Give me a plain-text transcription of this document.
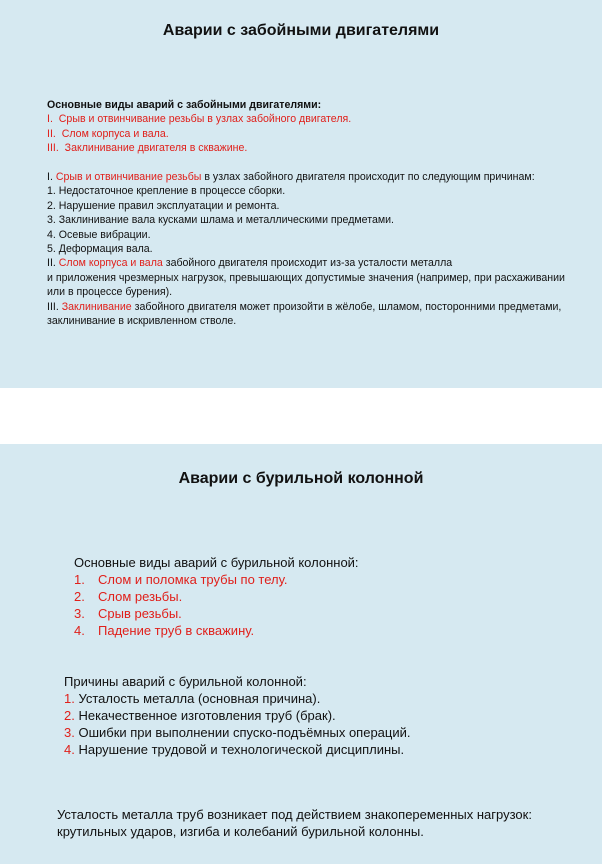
Аварии с забойными двигателями
Основные виды аварий с забойными двигателями:
I. Срыв и отвинчивание резьбы в узлах забойного двигателя.
II. Слом корпуса и вала.
III. Заклинивание двигателя в скважине.
I. Срыв и отвинчивание резьбы в узлах забойного двигателя происходит по следующим причинам:
1. Недостаточное крепление в процессе сборки.
2. Нарушение правил эксплуатации и ремонта.
3. Заклинивание вала кусками шлама и металлическими предметами.
4. Осевые вибрации.
5. Деформация вала.
II. Слом корпуса и вала забойного двигателя происходит из-за усталости металла
и приложения чрезмерных нагрузок, превышающих допустимые значения (например, при расхаживании или в процессе бурения).
III. Заклинивание забойного двигателя может произойти в жёлобе, шламом, посторонними предметами, заклинивание в искривленном стволе.
Аварии с бурильной колонной
Основные виды аварий с бурильной колонной:
1. Слом и поломка трубы по телу.
2. Слом резьбы.
3. Срыв резьбы.
4. Падение труб в скважину.
Причины аварий с бурильной колонной:
1. Усталость металла (основная причина).
2. Некачественное изготовления труб (брак).
3. Ошибки при выполнении спуско-подъёмных операций.
4. Нарушение трудовой и технологической дисциплины.
Усталость металла труб возникает под действием знакопеременных нагрузок: крутильных ударов, изгиба и колебаний бурильной колонны.
